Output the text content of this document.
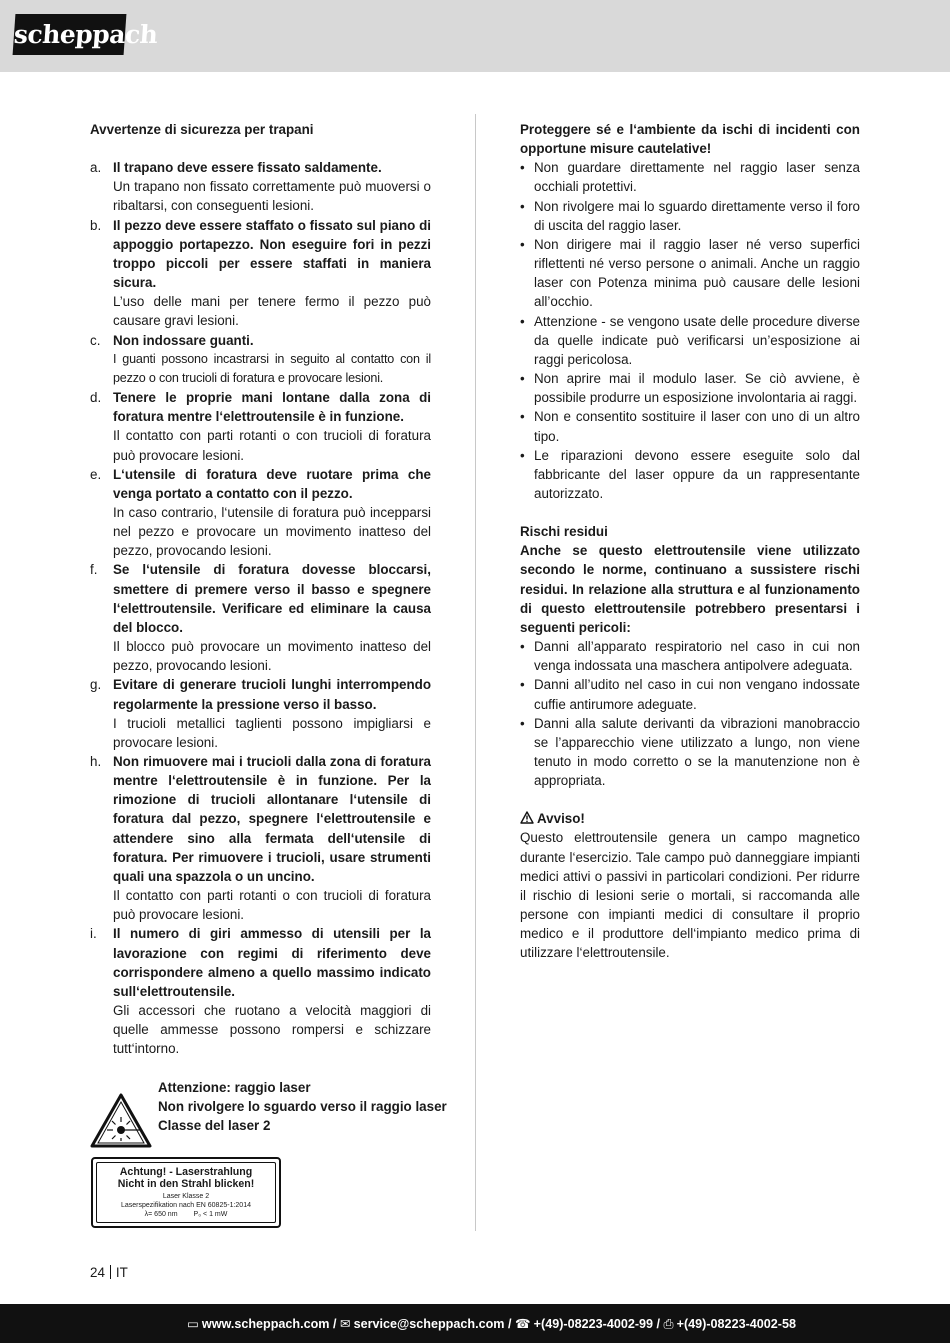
scheppach
Avvertenze di sicurezza per trapani
a. Il trapano deve essere fissato saldamente.
Un trapano non fissato correttamente può muoversi o ribaltarsi, con conseguenti lesioni.
b. Il pezzo deve essere staffato o fissato sul piano di appoggio portapezzo. Non eseguire fori in pezzi troppo piccoli per essere staffati in maniera sicura.
L’uso delle mani per tenere fermo il pezzo può causare gravi lesioni.
c. Non indossare guanti.
I guanti possono incastrarsi in seguito al contatto con il pezzo o con trucioli di foratura e provocare lesioni.
d. Tenere le proprie mani lontane dalla zona di foratura mentre l‘elettroutensile è in funzione.
Il contatto con parti rotanti o con trucioli di foratura può provocare lesioni.
e. L‘utensile di foratura deve ruotare prima che venga portato a contatto con il pezzo.
In caso contrario, l‘utensile di foratura può incepparsi nel pezzo e provocare un movimento inatteso del pezzo, provocando lesioni.
f.	Se l‘utensile di foratura dovesse bloccarsi, smettere di premere verso il basso e spegnere l‘elettroutensile. Verificare ed eliminare la causa del blocco.
Il blocco può provocare un movimento inatteso del pezzo, provocando lesioni.
g. Evitare di generare trucioli lunghi interrompendo regolarmente la pressione verso il basso.
I trucioli metallici taglienti possono impigliarsi e provocare lesioni.
h. Non rimuovere mai i trucioli dalla zona di foratura mentre l‘elettroutensile è in funzione. Per la rimozione di trucioli allontanare l‘utensile di foratura dal pezzo, spegnere l‘elettroutensile e attendere sino alla fermata dell‘utensile di foratura. Per rimuovere i trucioli, usare strumenti quali una spazzola o un uncino.
Il contatto con parti rotanti o con trucioli di foratura può provocare lesioni.
i.	Il numero di giri ammesso di utensili per la lavorazione con regimi di riferimento deve corrispondere almeno a quello massimo indicato sull‘elettroutensile.
Gli accessori che ruotano a velocità maggiori di quelle ammesse possono rompersi e schizzare tutt‘intorno.
Attenzione: raggio laser
Non rivolgere lo sguardo verso il raggio laser
Classe del laser 2
Achtung! - Laserstrahlung
Nicht in den Strahl blicken!
Laser Klasse 2
Laserspezifikation nach EN 60825-1:2014
λ= 650 nm P₀ < 1 mW
Proteggere sé e l‘ambiente da ischi di incidenti con opportune misure cautelative!
• Non guardare direttamente nel raggio laser senza occhiali protettivi.
• Non rivolgere mai lo sguardo direttamente verso il foro di uscita del raggio laser.
• Non dirigere mai il raggio laser né verso superfici riflettenti né verso persone o animali. Anche un raggio laser con Potenza minima può causare delle lesioni all’occhio.
• Attenzione - se vengono usate delle procedure diverse da quelle indicate può verificarsi un’esposizione ai raggi pericolosa.
• Non aprire mai il modulo laser. Se ciò avviene, è possibile produrre un esposizione involontaria ai raggi.
• Non e consentito sostituire il laser con uno di un altro tipo.
• Le riparazioni devono essere eseguite solo dal fabbricante del laser oppure da un rappresentante autorizzato.
Rischi residui
Anche se questo elettroutensile viene utilizzato secondo le norme, continuano a sussistere rischi residui. In relazione alla struttura e al funzionamento di questo elettroutensile potrebbero presentarsi i seguenti pericoli:
• Danni all’apparato respiratorio nel caso in cui non venga indossata una maschera antipolvere adeguata.
• Danni all’udito nel caso in cui non vengano indossate cuffie antirumore adeguate.
• Danni alla salute derivanti da vibrazioni manobraccio se l’apparecchio viene utilizzato a lungo, non viene tenuto in modo corretto o se la manutenzione non è appropriata.
Avviso!
Questo elettroutensile genera un campo magnetico durante l‘esercizio. Tale campo può danneggiare impianti medici attivi o passivi in particolari condizioni. Per ridurre il rischio di lesioni serie o mortali, si raccomanda alle persone con impianti medici di consultare il proprio medico e il produttore dell‘impianto medico prima di utilizzare l‘elettroutensile.
24 IT
▭ www.scheppach.com / ✉ service@scheppach.com / ☎ +(49)-08223-4002-99 / ⎙ +(49)-08223-4002-58
